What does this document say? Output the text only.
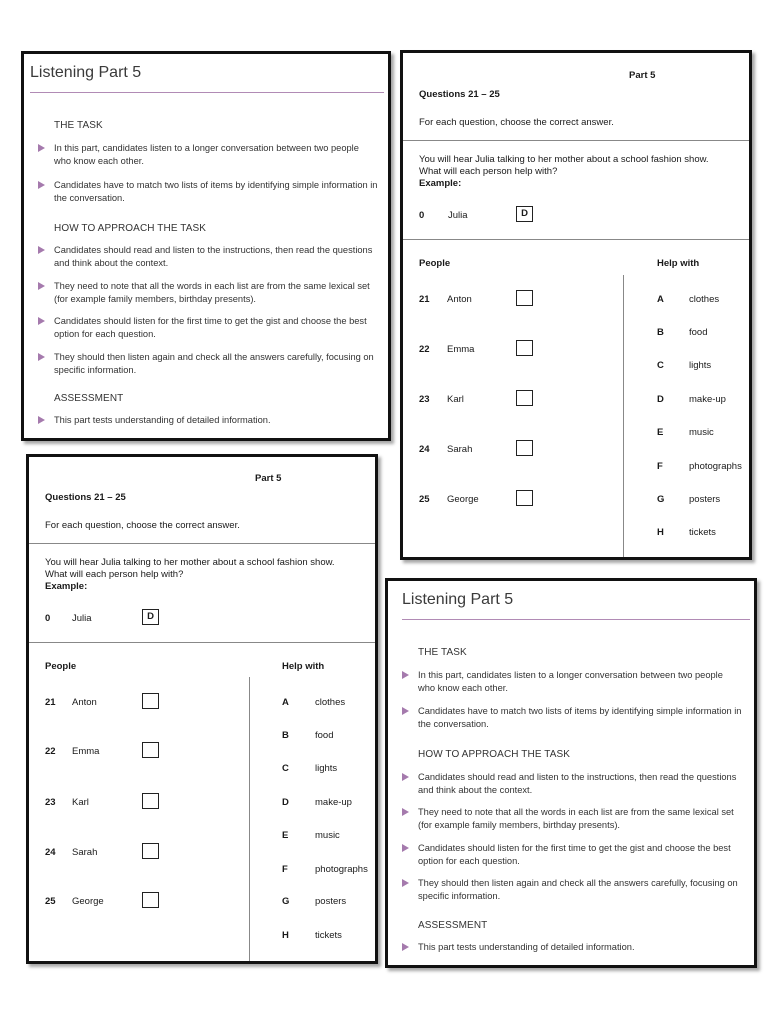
Listening Part 5
THE TASK
In this part, candidates listen to a longer conversation between two people who know each other.
Candidates have to match two lists of items by identifying simple information in the conversation.
HOW TO APPROACH THE TASK
Candidates should read and listen to the instructions, then read the questions and think about the context.
They need to note that all the words in each list are from the same lexical set (for example family members, birthday presents).
Candidates should listen for the first time to get the gist and choose the best option for each question.
They should then listen again and check all the answers carefully, focusing on specific information.
ASSESSMENT
This part tests understanding of detailed information.
Part 5
Questions 21 – 25
For each question, choose the correct answer.
You will hear Julia talking to her mother about a school fashion show.
What will each person help with?
Example:
0 Julia	D
People	Help with
21 Anton
22 Emma
23 Karl
24 Sarah
25 George
A	clothes
B	food
C	lights
D	make-up
E	music
F	photographs
G	posters
H	tickets
Part 5
Questions 21 – 25
For each question, choose the correct answer.
You will hear Julia talking to her mother about a school fashion show.
What will each person help with?
Example:
0 Julia	D
People	Help with
21 Anton
22 Emma
23 Karl
24 Sarah
25 George
A	clothes
B	food
C	lights
D	make-up
E	music
F	photographs
G	posters
H	tickets
Listening Part 5
THE TASK
In this part, candidates listen to a longer conversation between two people who know each other.
Candidates have to match two lists of items by identifying simple information in the conversation.
HOW TO APPROACH THE TASK
Candidates should read and listen to the instructions, then read the questions and think about the context.
They need to note that all the words in each list are from the same lexical set (for example family members, birthday presents).
Candidates should listen for the first time to get the gist and choose the best option for each question.
They should then listen again and check all the answers carefully, focusing on specific information.
ASSESSMENT
This part tests understanding of detailed information.
